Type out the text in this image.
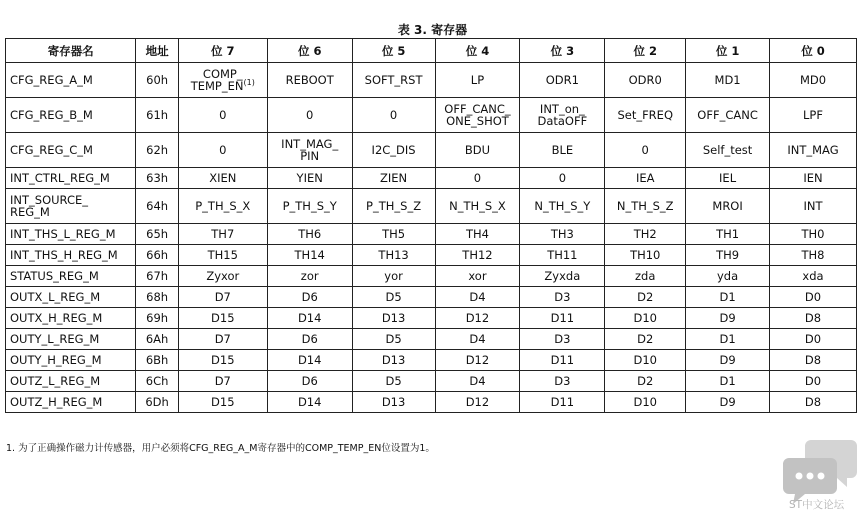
表 3. 寄存器
寄存器名	地址	位 7	位 6	位 5	位 4	位 3	位 2	位 1	位 0
CFG_REG_A_M	60h	COMP_
TEMP_EN$^{(1)}$	REBOOT	SOFT_RST	LP	ODR1	ODR0	MD1	MD0
CFG_REG_B_M	61h	0	0	0	OFF_CANC_
ONE_SHOT	INT_on_
DataOFF	Set_FREQ	OFF_CANC	LPF
CFG_REG_C_M	62h	0	INT_MAG_
PIN	I2C_DIS	BDU	BLE	0	Self_test	INT_MAG
INT_CTRL_REG_M	63h	XIEN	YIEN	ZIEN	0	0	IEA	IEL	IEN
INT_SOURCE_
REG_M	64h	P_TH_S_X	P_TH_S_Y	P_TH_S_Z	N_TH_S_X	N_TH_S_Y	N_TH_S_Z	MROI	INT
INT_THS_L_REG_M	65h	TH7	TH6	TH5	TH4	TH3	TH2	TH1	TH0
INT_THS_H_REG_M	66h	TH15	TH14	TH13	TH12	TH11	TH10	TH9	TH8
STATUS_REG_M	67h	Zyxor	zor	yor	xor	Zyxda	zda	yda	xda
OUTX_L_REG_M	68h	D7	D6	D5	D4	D3	D2	D1	D0
OUTX_H_REG_M	69h	D15	D14	D13	D12	D11	D10	D9	D8
OUTY_L_REG_M	6Ah	D7	D6	D5	D4	D3	D2	D1	D0
OUTY_H_REG_M	6Bh	D15	D14	D13	D12	D11	D10	D9	D8
OUTZ_L_REG_M	6Ch	D7	D6	D5	D4	D3	D2	D1	D0
OUTZ_H_REG_M	6Dh	D15	D14	D13	D12	D11	D10	D9	D8
1. 为了正确操作磁力计传感器，用户必须将CFG_REG_A_M寄存器中的COMP_TEMP_EN位设置为1。
ST中文论坛
